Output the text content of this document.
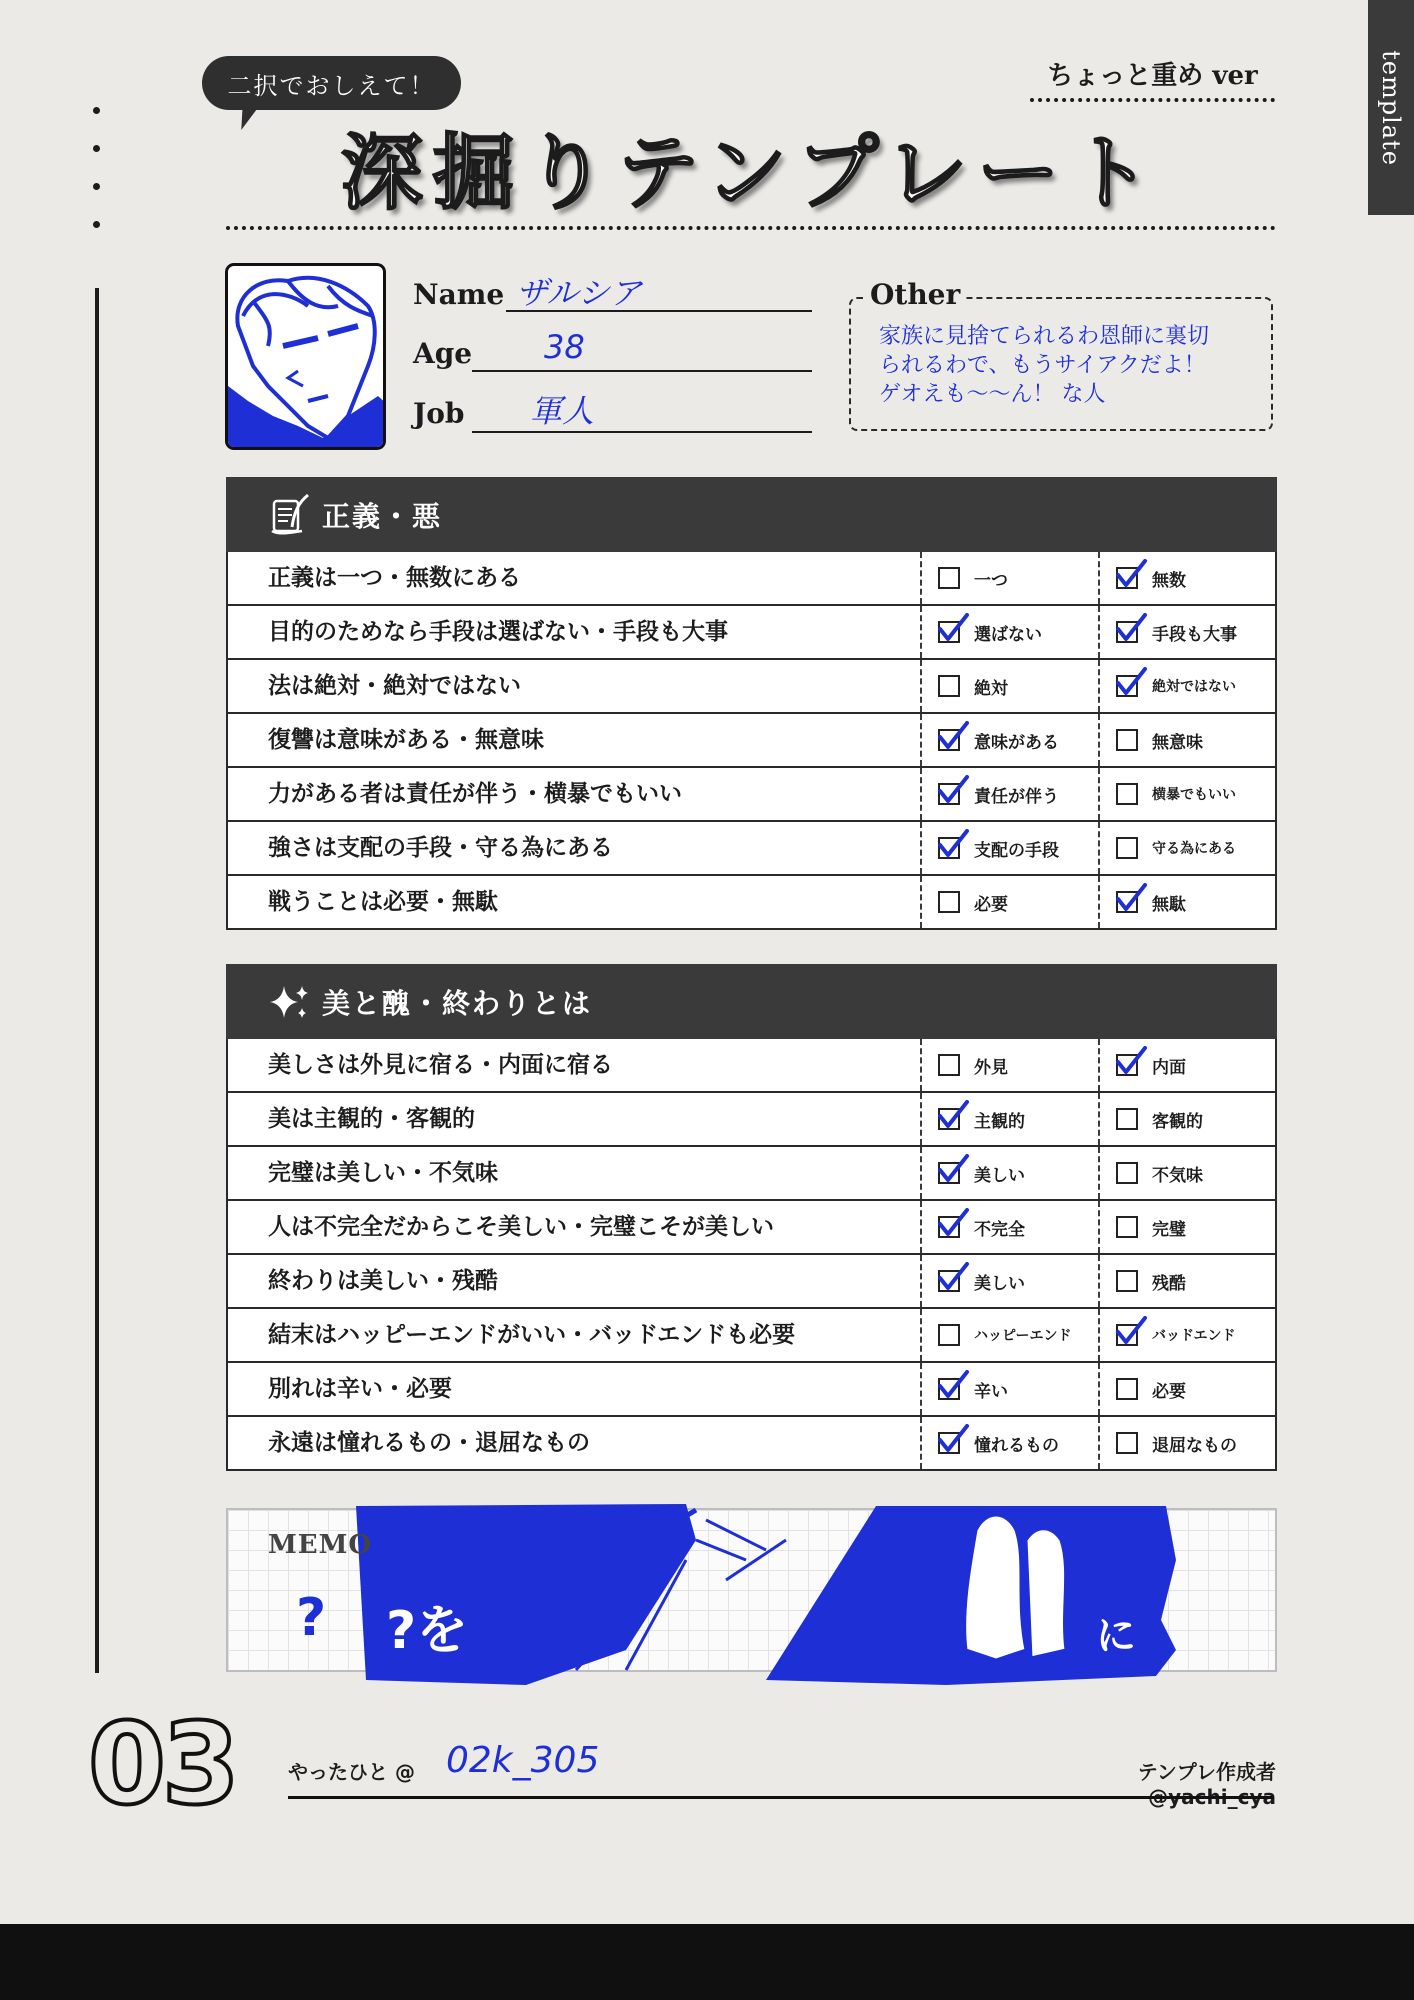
template
二択でおしえて！	ちょっと重め ver
深掘りテンプレート
Name ザルシア
Age 38
Job 軍人
Other
家族に見捨てられるわ恩師に裏切
られるわで、もうサイアクだよ！
ゲオえも〜〜ん！ な人
正義・悪
正義は一つ・無数にある	一つ	無数
目的のためなら手段は選ばない・手段も大事	選ばない	手段も大事
法は絶対・絶対ではない	絶対	絶対ではない
復讐は意味がある・無意味	意味がある	無意味
力がある者は責任が伴う・横暴でもいい	責任が伴う	横暴でもいい
強さは支配の手段・守る為にある	支配の手段	守る為にある
戦うことは必要・無駄	必要	無駄
美と醜・終わりとは
美しさは外見に宿る・内面に宿る	外見	内面
美は主観的・客観的	主観的	客観的
完璧は美しい・不気味	美しい	不気味
人は不完全だからこそ美しい・完璧こそが美しい	不完全	完璧
終わりは美しい・残酷	美しい	残酷
結末はハッピーエンドがいい・バッドエンドも必要	ハッピーエンド	バッドエンド
別れは辛い・必要	辛い	必要
永遠は憧れるもの・退屈なもの	憧れるもの	退屈なもの
MEMO
? ?を	に
03	やったひと @ 02k_305	テンプレ作成者 @yachi_cya
